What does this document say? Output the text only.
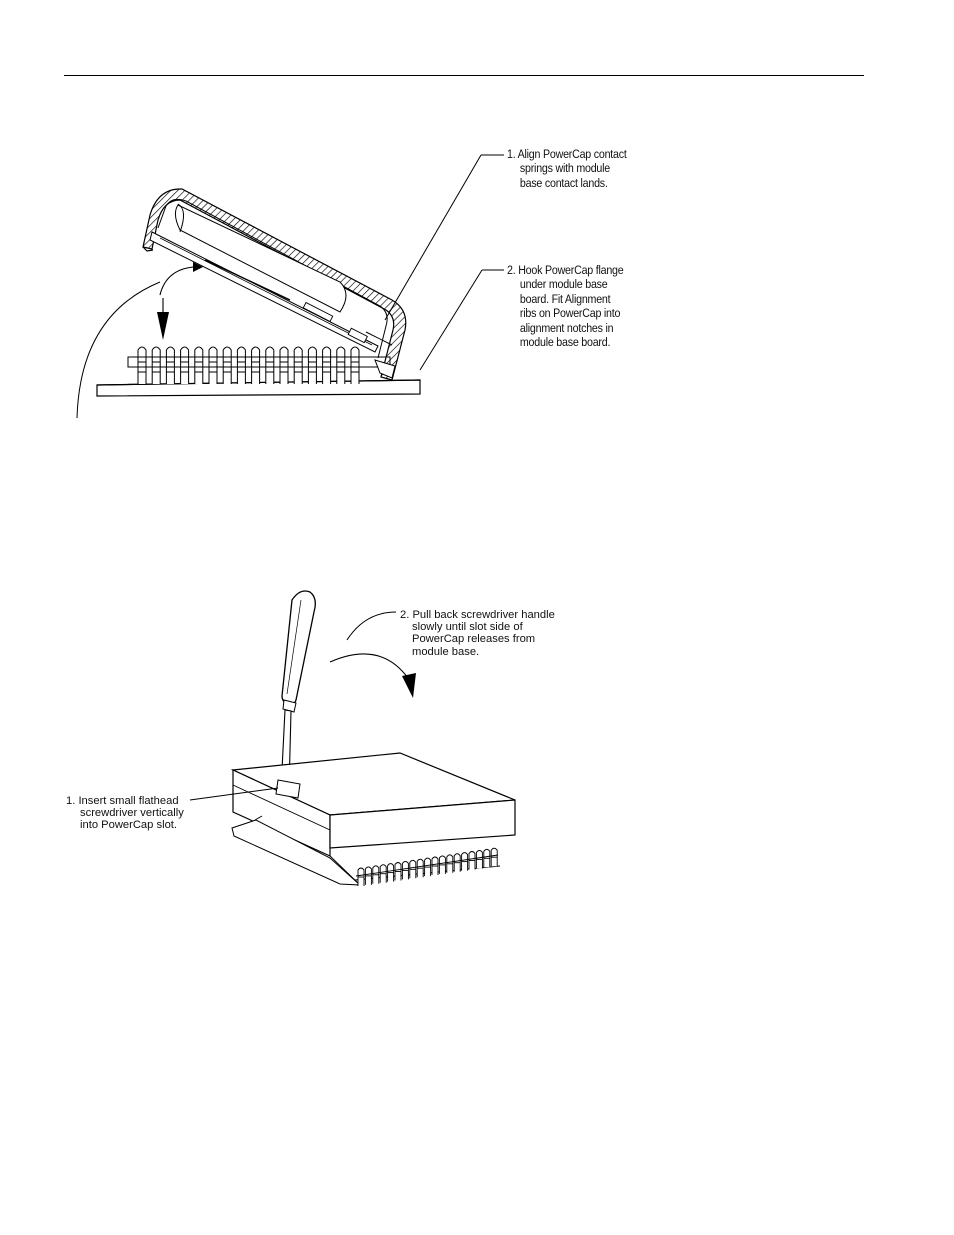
1. Align PowerCap contact
springs with module
base contact lands.
2. Hook PowerCap flange
under module base
board. Fit Alignment
ribs on PowerCap into
alignment notches in
module base board.
2. Pull back screwdriver handle
slowly until slot side of
PowerCap releases from
module base.
1. Insert small flathead
screwdriver vertically
into PowerCap slot.
